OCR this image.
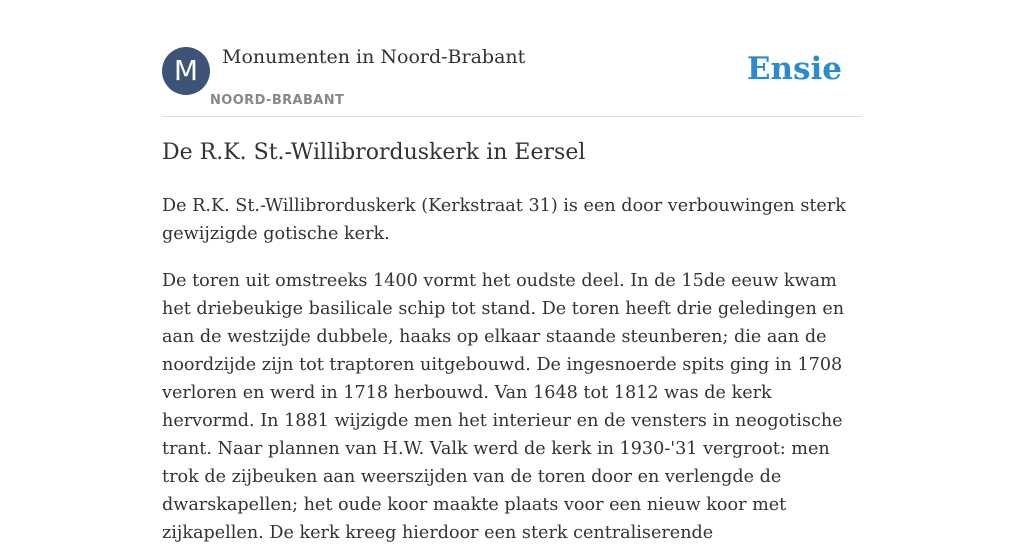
M	Monumenten in Noord-Brabant
NOORD-BRABANT
Ensie
De R.K. St.-Willibrorduskerk in Eersel

De R.K. St.-Willibrorduskerk (Kerkstraat 31) is een door verbouwingen sterk gewijzigde gotische kerk.

De toren uit omstreeks 1400 vormt het oudste deel. In de 15de eeuw kwam het driebeukige basilicale schip tot stand. De toren heeft drie geledingen en aan de westzijde dubbele, haaks op elkaar staande steunberen; die aan de noordzijde zijn tot traptoren uitgebouwd. De ingesnoerde spits ging in 1708 verloren en werd in 1718 herbouwd. Van 1648 tot 1812 was de kerk hervormd. In 1881 wijzigde men het interieur en de vensters in neogotische trant. Naar plannen van H.W. Valk werd de kerk in 1930-'31 vergroot: men trok de zijbeuken aan weerszijden van de toren door en verlengde de dwarskapellen; het oude koor maakte plaats voor een nieuw koor met zijkapellen. De kerk kreeg hierdoor een sterk centraliserende
